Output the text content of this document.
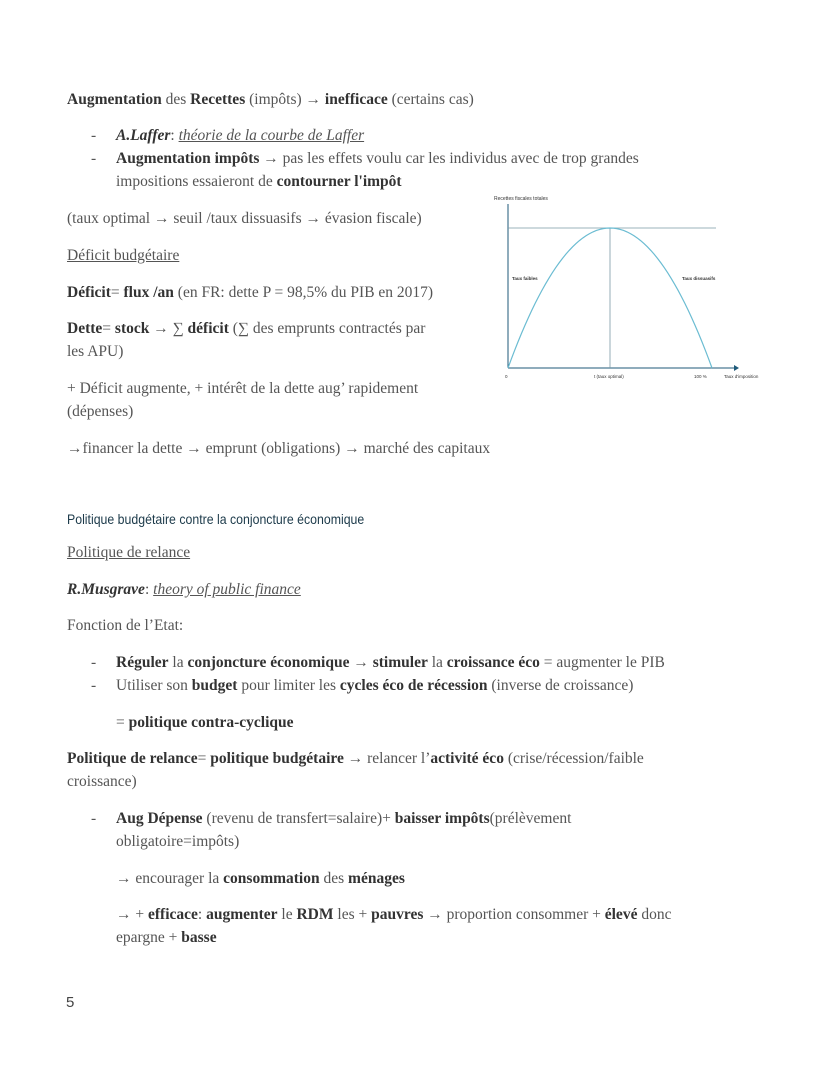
Augmentation des Recettes (impôts) → inefficace (certains cas)

- A.Laffer: théorie de la courbe de Laffer
- Augmentation impôts → pas les effets voulu car les individus avec de trop grandes
impositions essaieront de contourner l'impôt
Recettes fiscales totales
Taux faibles	Taux dissuasifs
0	t (taux optimal)	100 %	Taux d'imposition

(taux optimal → seuil /taux dissuasifs → évasion fiscale)

Déficit budgétaire

Déficit= flux /an (en FR: dette P = 98,5% du PIB en 2017)

Dette= stock → ∑ déficit (∑ des emprunts contractés par

les APU)

+ Déficit augmente, + intérêt de la dette aug’ rapidement

(dépenses)

→financer la dette → emprunt (obligations) → marché des capitaux

Politique budgétaire contre la conjoncture économique

Politique de relance

R.Musgrave: theory of public finance

Fonction de l’Etat:

- Réguler la conjoncture économique → stimuler la croissance éco = augmenter le PIB
- Utiliser son budget pour limiter les cycles éco de récession (inverse de croissance)
= politique contra-cyclique

Politique de relance= politique budgétaire → relancer l’activité éco (crise/récession/faible

croissance)

- Aug Dépense (revenu de transfert=salaire)+ baisser impôts(prélèvement
obligatoire=impôts)
→ encourager la consommation des ménages
→ + efficace: augmenter le RDM les + pauvres → proportion consommer + élevé donc
epargne + basse
5
